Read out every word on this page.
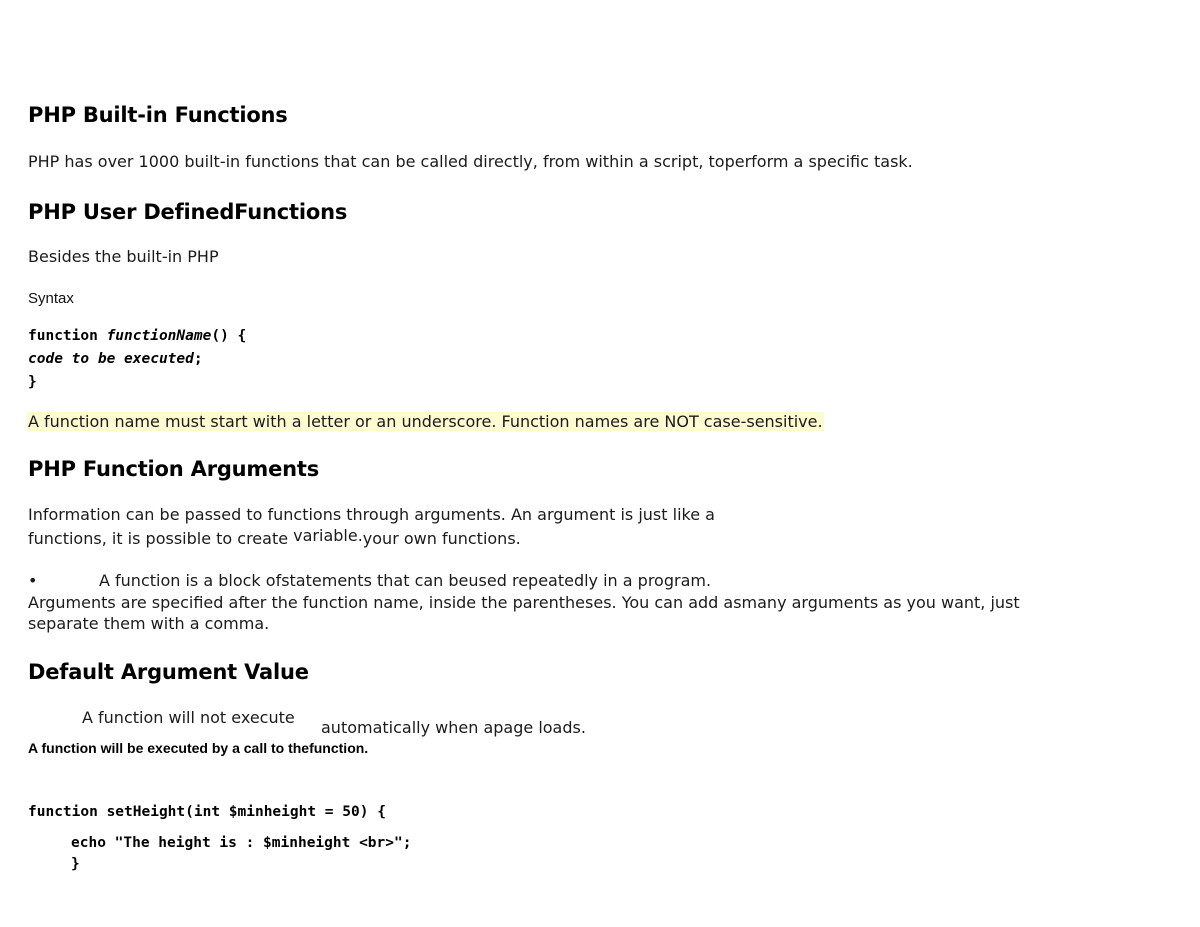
PHP Built-in Functions
PHP has over 1000 built-in functions that can be called directly, from within a script, toperform a specific task.
PHP User DefinedFunctions
Besides the built-in PHP
Syntax
function functionName() {
code to be executed;
}
A function name must start with a letter or an underscore. Function names are NOT case-sensitive.
PHP Function Arguments
Information can be passed to functions through arguments. An argument is just like a
functions, it is possible to create variable.your own functions.
•	A function is a block ofstatements that can beused repeatedly in a program.
Arguments are specified after the function name, inside the parentheses. You can add asmany arguments as you want, just
separate them with a comma.
Default Argument Value
A function will not execute
automatically when apage loads.
A function will be executed by a call to thefunction.
function setHeight(int $minheight = 50) {
echo "The height is : $minheight <br>";
}
